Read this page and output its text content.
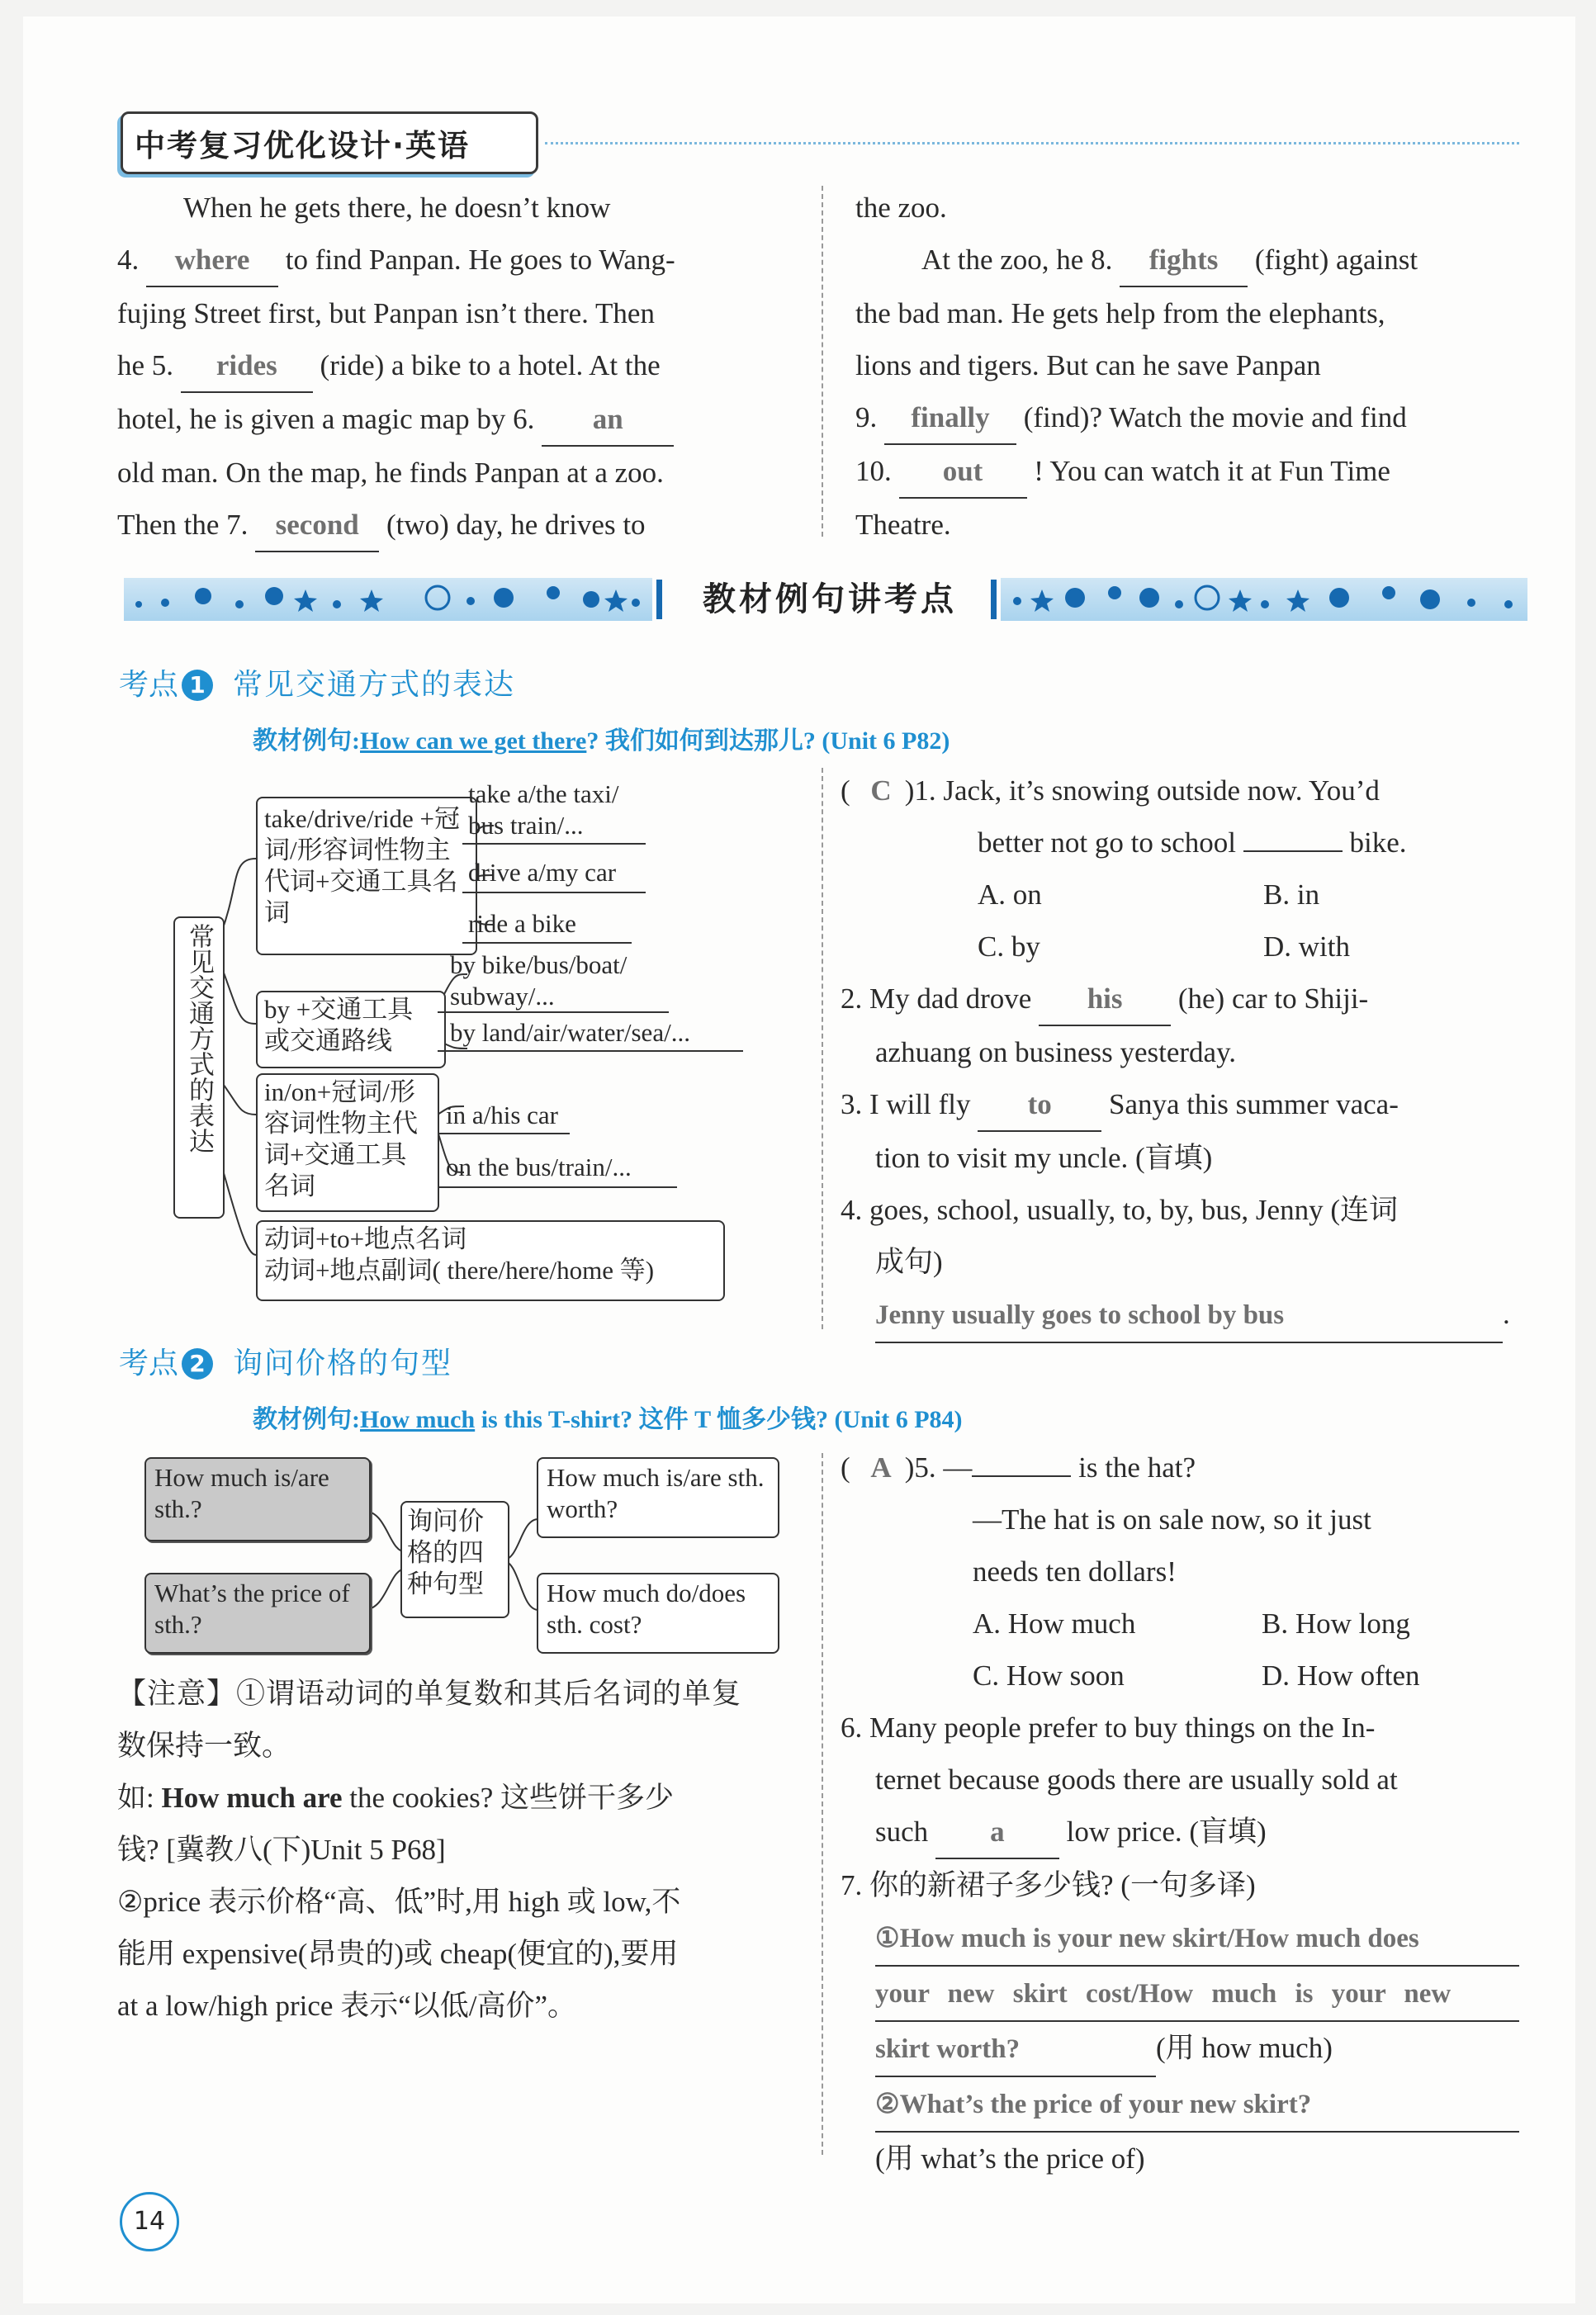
中考复习优化设计·英语
When he gets there, he doesn’t know
4. where to find Panpan. He goes to Wang-
fujing Street first, but Panpan isn’t there. Then
he 5. rides (ride) a bike to a hotel. At the
hotel, he is given a magic map by 6. an
old man. On the map, he finds Panpan at a zoo.
Then the 7. second (two) day, he drives to
the zoo.
At the zoo, he 8. fights (fight) against
the bad man. He gets help from the elephants,
lions and tigers. But can he save Panpan
9. finally (find)? Watch the movie and find
10. out ! You can watch it at Fun Time
Theatre.
教材例句讲考点
考点 1 常见交通方式的表达
教材例句:How can we get there? 我们如何到达那儿? (Unit 6 P82)
常见交通方式的表达
take/drive/ride +冠词/形容词性物主代词+交通工具名词
take a/the taxi/
bus train/...
drive a/my car
ride a bike
by +交通工具或交通路线
by bike/bus/boat/
subway/...
by land/air/water/sea/...
in/on+冠词/形容词性物主代词+交通工具名词
in a/his car
on the bus/train/...
动词+to+地点名词
动词+地点副词( there/here/home 等)
( C )1. Jack, it’s snowing outside now. You’d
better not go to school	bike.
A. on	B. in
C. by	D. with
2. My dad drove his (he) car to Shiji-
azhuang on business yesterday.
3. I will fly to Sanya this summer vaca-
tion to visit my uncle. (盲填)
4. goes, school, usually, to, by, bus, Jenny (连词
成句)
Jenny usually goes to school by bus	.
考点 2 询问价格的句型
教材例句:How much is this T-shirt? 这件 T 恤多少钱? (Unit 6 P84)
How much is/are sth.?
What’s the price of sth.?
询问价格的四种句型
How much is/are sth. worth?
How much do/does sth. cost?
【注意】①谓语动词的单复数和其后名词的单复
数保持一致。
如: How much are the cookies? 这些饼干多少
钱? [冀教八(下)Unit 5 P68]
②price 表示价格“高、低”时,用 high 或 low,不
能用 expensive(昂贵的)或 cheap(便宜的),要用
at a low/high price 表示“以低/高价”。
( A )5. —	is the hat?
—The hat is on sale now, so it just
needs ten dollars!
A. How much	B. How long
C. How soon	D. How often
6. Many people prefer to buy things on the In-
ternet because goods there are usually sold at
such a low price. (盲填)
7. 你的新裙子多少钱? (一句多译)
①How much is your new skirt/How much does
your new skirt cost/How much is your new
skirt worth?	(用 how much)
②What’s the price of your new skirt?
(用 what’s the price of)
14
